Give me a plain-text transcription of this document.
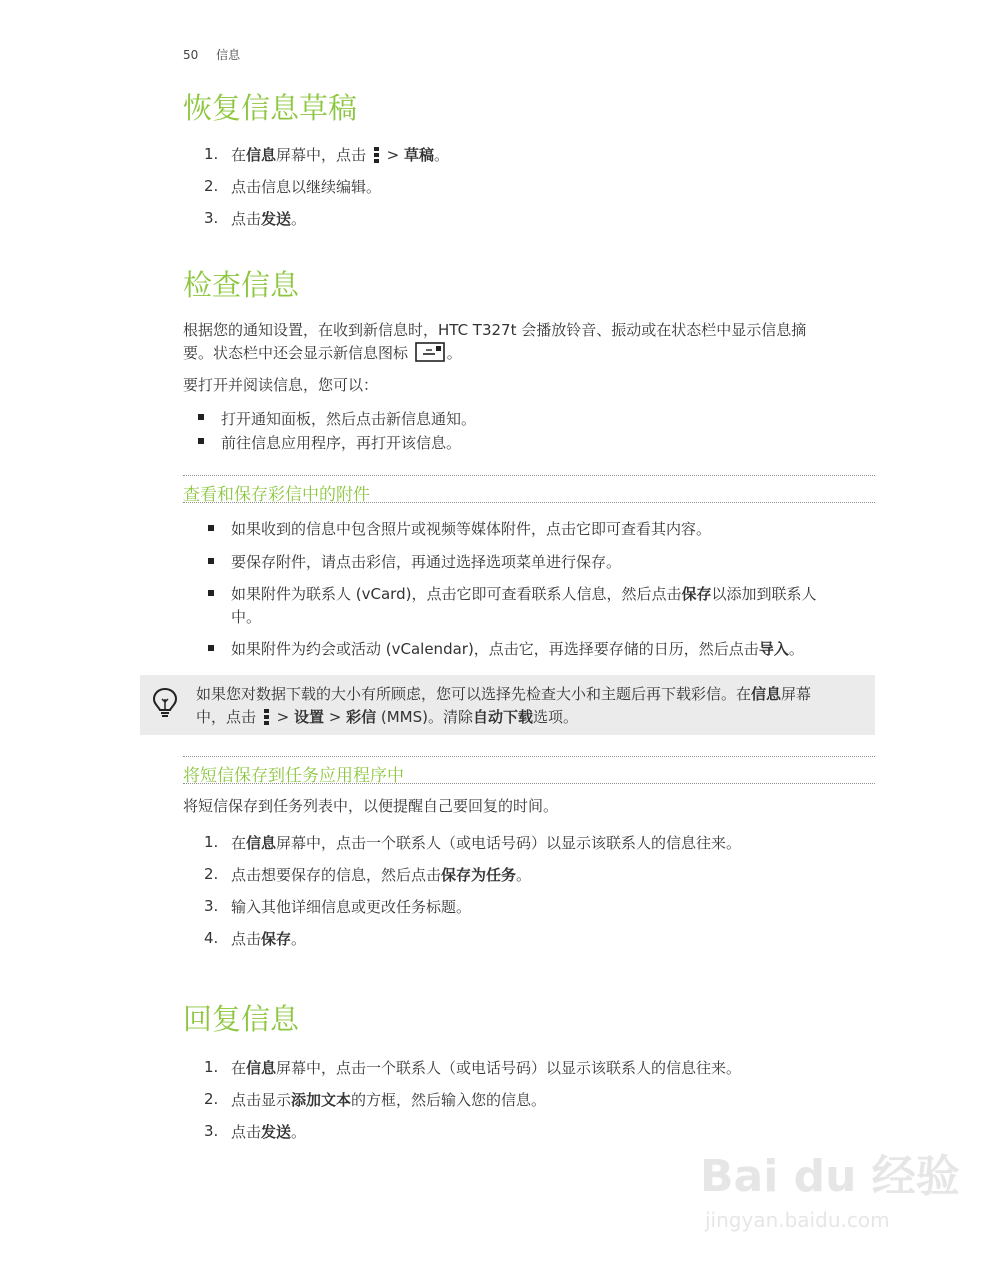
50 信息
恢复信息草稿
1. 在信息屏幕中，点击 > 草稿。
2. 点击信息以继续编辑。
3. 点击发送。
检查信息
根据您的通知设置，在收到新信息时，HTC T327t 会播放铃音、振动或在状态栏中显示信息摘
要。状态栏中还会显示新信息图标	。
要打开并阅读信息，您可以：
打开通知面板，然后点击新信息通知。
前往信息应用程序，再打开该信息。
查看和保存彩信中的附件
如果收到的信息中包含照片或视频等媒体附件，点击它即可查看其内容。
要保存附件，请点击彩信，再通过选择选项菜单进行保存。
如果附件为联系人 (vCard)，点击它即可查看联系人信息，然后点击保存以添加到联系人
中。
如果附件为约会或活动 (vCalendar)，点击它，再选择要存储的日历，然后点击导入。
如果您对数据下载的大小有所顾虑，您可以选择先检查大小和主题后再下载彩信。在信息屏幕
中，点击 > 设置 > 彩信 (MMS)。清除自动下载选项。
将短信保存到任务应用程序中
将短信保存到任务列表中，以便提醒自己要回复的时间。
1. 在信息屏幕中，点击一个联系人（或电话号码）以显示该联系人的信息往来。
2. 点击想要保存的信息，然后点击保存为任务。
3. 输入其他详细信息或更改任务标题。
4. 点击保存。
回复信息
1. 在信息屏幕中，点击一个联系人（或电话号码）以显示该联系人的信息往来。
2. 点击显示添加文本的方框，然后输入您的信息。
3. 点击发送。
Bai du 经验
jingyan.baidu.com
